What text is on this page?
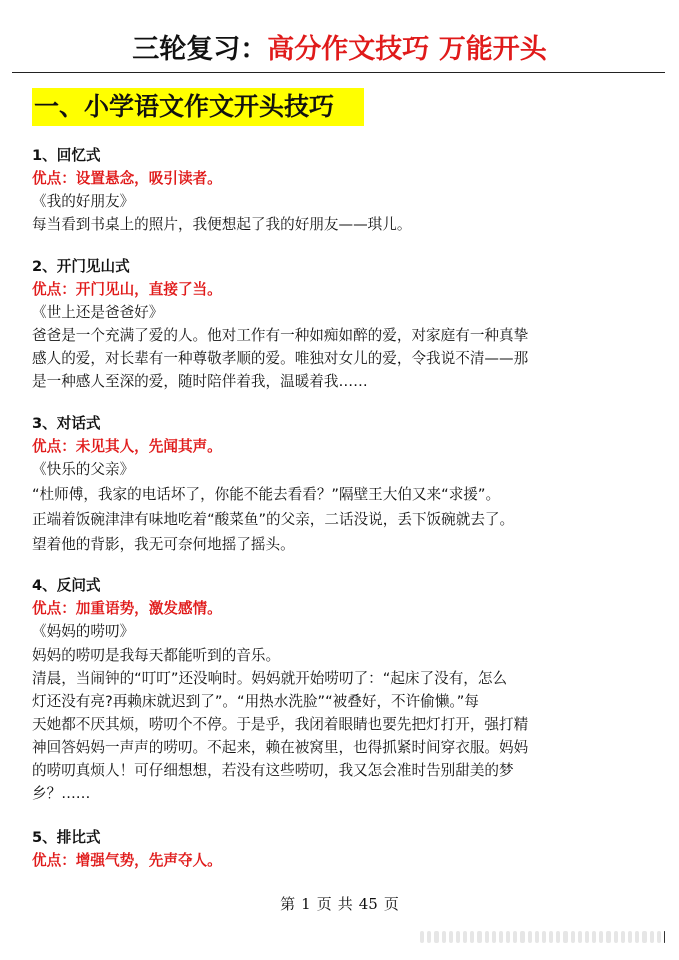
三轮复习：高分作文技巧 万能开头
一、小学语文作文开头技巧
1、回忆式
优点：设置悬念，吸引读者。
《我的好朋友》
每当看到书桌上的照片，我便想起了我的好朋友——琪儿。
2、开门见山式
优点：开门见山，直接了当。
《世上还是爸爸好》
爸爸是一个充满了爱的人。他对工作有一种如痴如醉的爱，对家庭有一种真挚
感人的爱，对长辈有一种尊敬孝顺的爱。唯独对女儿的爱，令我说不清——那
是一种感人至深的爱，随时陪伴着我，温暖着我……
3、对话式
优点：未见其人，先闻其声。
《快乐的父亲》
“杜师傅，我家的电话坏了，你能不能去看看？”隔壁王大伯又来“求援”。
正端着饭碗津津有味地吃着“酸菜鱼”的父亲，二话没说，丢下饭碗就去了。
望着他的背影，我无可奈何地摇了摇头。
4、反问式
优点：加重语势，激发感情。
《妈妈的唠叨》
妈妈的唠叨是我每天都能听到的音乐。
清晨，当闹钟的“叮叮”还没响时。妈妈就开始唠叨了：“起床了没有，怎么
灯还没有亮?再赖床就迟到了”。“用热水洗脸”“被叠好，不许偷懒。”每
天她都不厌其烦，唠叨个不停。于是乎，我闭着眼睛也要先把灯打开，强打精
神回答妈妈一声声的唠叨。不起来，赖在被窝里，也得抓紧时间穿衣服。妈妈
的唠叨真烦人！可仔细想想，若没有这些唠叨，我又怎会准时告别甜美的梦
乡？……
5、排比式
优点：增强气势，先声夺人。
第 1 页 共 45 页
